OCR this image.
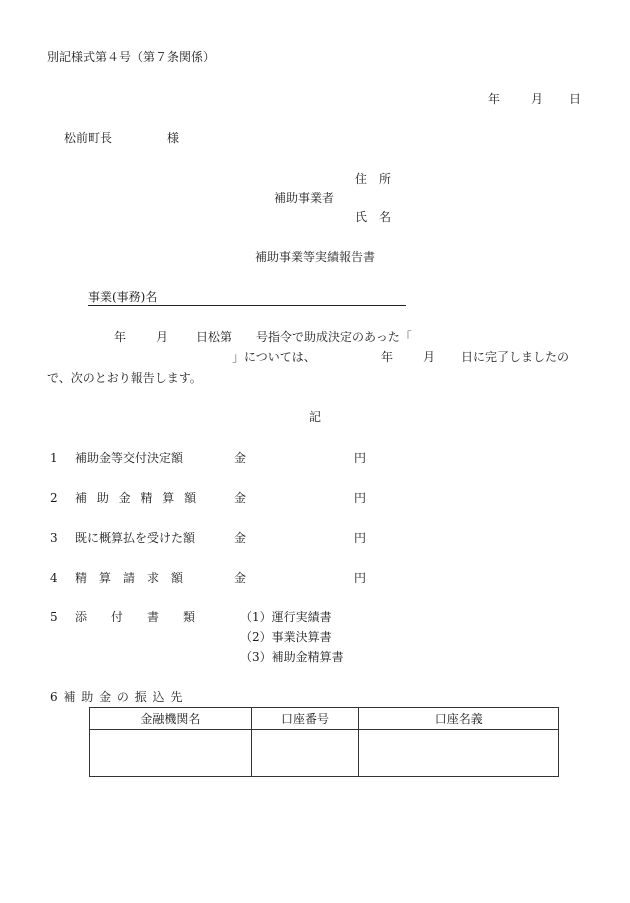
別記様式第４号（第７条関係）
年	月 日
松前町長	様
住　所
補助事業者
氏　名
補助事業等実績報告書
事業(事務)名
年 月 日松第　　号指令で助成決定のあった「
」については、	年 月 日に完了しましたの
で、次のとおり報告します。
記
1 補助金等交付決定額	金	円
2 補 助 金 精 算 額	金	円
3 既に概算払を受けた額	金	円
4 精　算　請　求　額	金	円
5 添　　付　　書　　類	（1）運行実績書
（2）事業決算書
（3）補助金精算書
6 補 助 金 の 振 込 先
金融機関名	口座番号	口座名義
